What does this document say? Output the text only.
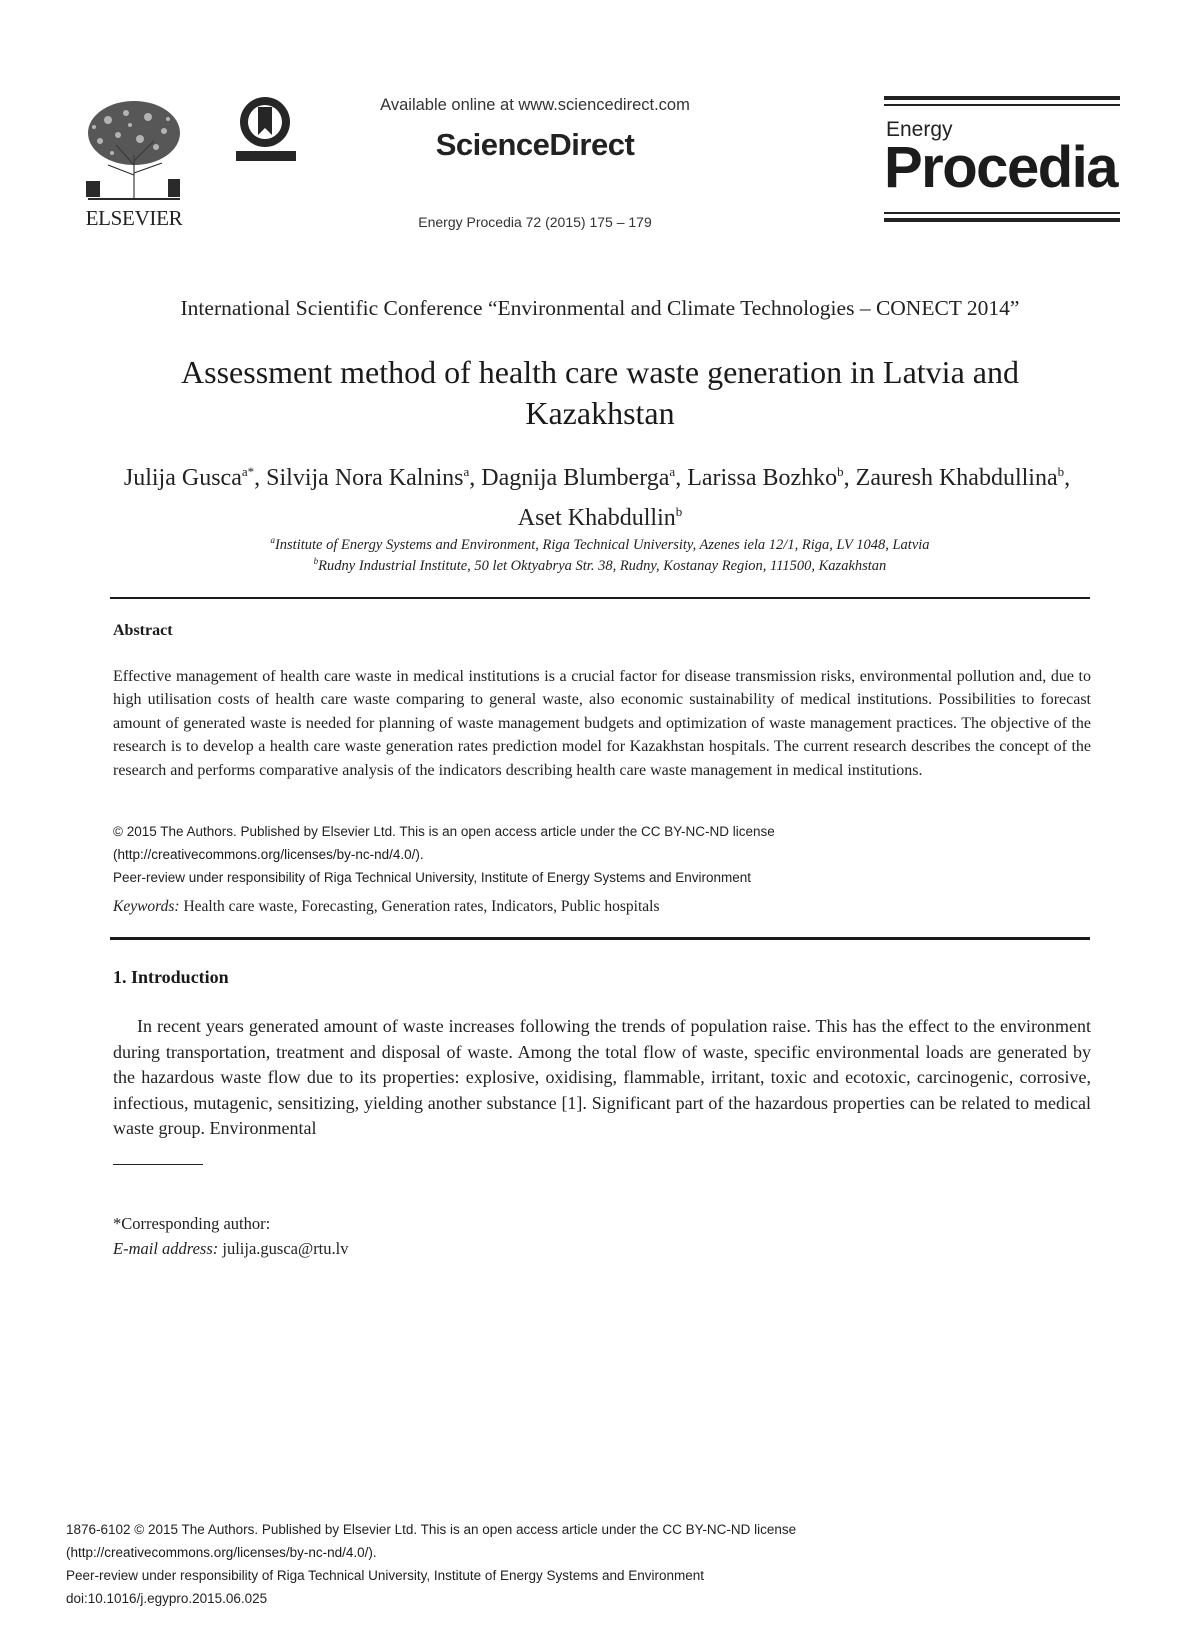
ELSEVIER
Available online at www.sciencedirect.com
ScienceDirect
Energy Procedia 72 (2015) 175 – 179
Energy
Procedia
International Scientific Conference “Environmental and Climate Technologies – CONECT 2014”
Assessment method of health care waste generation in Latvia and Kazakhstan
Julija Gusca$^{a*}$, Silvija Nora Kalnins$^a$, Dagnija Blumberga$^a$, Larissa Bozhko$^b$, Zauresh Khabdullina$^b$,  Aset Khabdullin$^b$
$^a$Institute of Energy Systems and Environment, Riga Technical University, Azenes iela 12/1, Riga, LV 1048, Latvia
$^b$Rudny Industrial Institute, 50 let Oktyabrya Str. 38, Rudny, Kostanay Region, 111500, Kazakhstan
Abstract

Effective management of health care waste in medical institutions is a crucial factor for disease transmission risks, environmental pollution and, due to high utilisation costs of health care waste comparing to general waste, also economic sustainability of medical institutions. Possibilities to forecast amount of generated waste is needed for planning of waste management budgets and optimization of waste management practices. The objective of the research is to develop a health care waste generation rates prediction model for Kazakhstan hospitals. The current research describes the concept of the research and performs comparative analysis of the indicators describing health care waste management in medical institutions.

© 2015 The Authors. Published by Elsevier Ltd. This is an open access article under the CC BY-NC-ND license
(http://creativecommons.org/licenses/by-nc-nd/4.0/).
Peer-review under responsibility of Riga Technical University, Institute of Energy Systems and Environment
Keywords: Health care waste, Forecasting, Generation rates, Indicators, Public hospitals
1. Introduction

In recent years generated amount of waste increases following the trends of population raise. This has the effect to the environment during transportation, treatment and disposal of waste. Among the total flow of waste, specific environmental loads are generated by the hazardous waste flow due to its properties: explosive, oxidising, flammable, irritant, toxic and ecotoxic, carcinogenic, corrosive, infectious, mutagenic, sensitizing, yielding another substance [1]. Significant part of the hazardous properties can be related to medical waste group. Environmental

*Corresponding author:
E-mail address: julija.gusca@rtu.lv
1876-6102 © 2015 The Authors. Published by Elsevier Ltd. This is an open access article under the CC BY-NC-ND license
(http://creativecommons.org/licenses/by-nc-nd/4.0/).
Peer-review under responsibility of Riga Technical University, Institute of Energy Systems and Environment
doi:10.1016/j.egypro.2015.06.025
